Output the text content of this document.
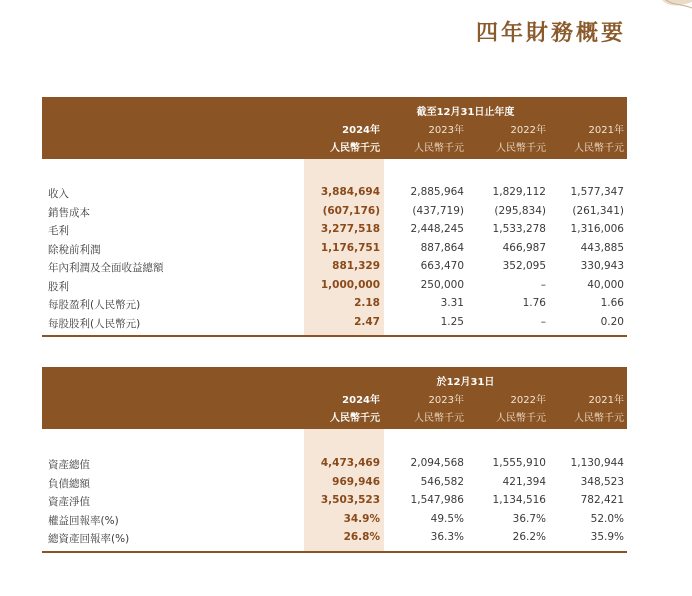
四年財務概要
截至12月31日止年度
2024年	2023年	2022年	2021年
人民幣千元	人民幣千元	人民幣千元	人民幣千元
收入	3,884,694	2,885,964	1,829,112	1,577,347
銷售成本	(607,176)	(437,719)	(295,834)	(261,341)
毛利	3,277,518	2,448,245	1,533,278	1,316,006
除稅前利潤	1,176,751	887,864	466,987	443,885
年內利潤及全面收益總額	881,329	663,470	352,095	330,943
股利	1,000,000	250,000	–	40,000
每股盈利(人民幣元)	2.18	3.31	1.76	1.66
每股股利(人民幣元)	2.47	1.25	–	0.20
於12月31日
2024年	2023年	2022年	2021年
人民幣千元	人民幣千元	人民幣千元	人民幣千元
資產總值	4,473,469	2,094,568	1,555,910	1,130,944
負債總額	969,946	546,582	421,394	348,523
資產淨值	3,503,523	1,547,986	1,134,516	782,421
權益回報率(%)	34.9%	49.5%	36.7%	52.0%
總資產回報率(%)	26.8%	36.3%	26.2%	35.9%
